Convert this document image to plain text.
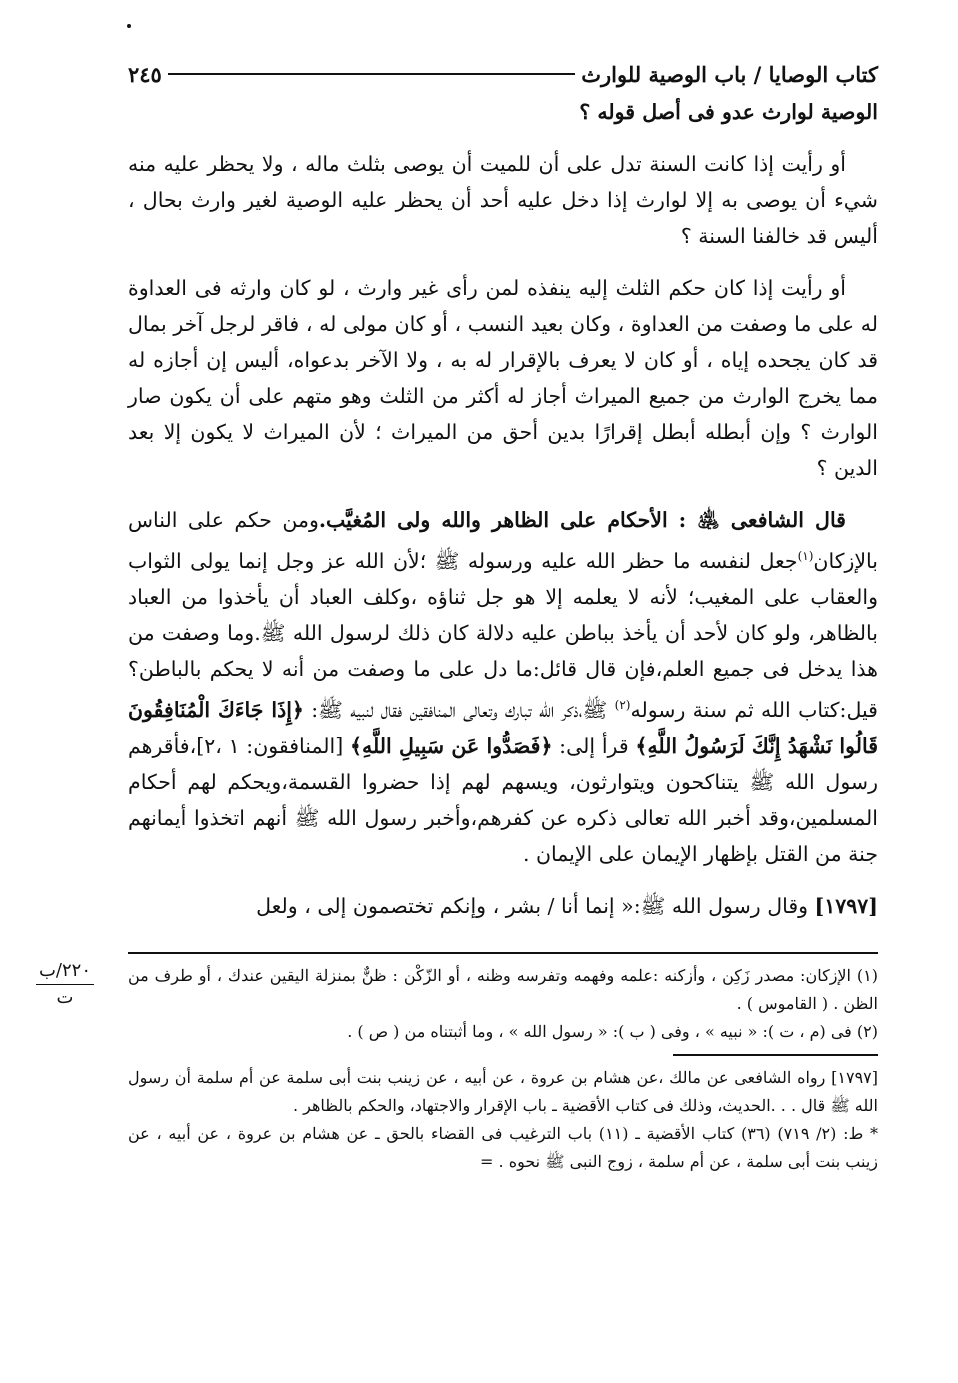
٢٢٠/ب
ت
كتاب الوصايا / باب الوصية للوارث
٢٤٥

الوصية لوارث عدو فى أصل قوله ؟

أو رأيت إذا كانت السنة تدل على أن للميت أن يوصى بثلث ماله ، ولا يحظر عليه منه شيء أن يوصى به إلا لوارث إذا دخل عليه أحد أن يحظر عليه الوصية لغير وارث بحال ، أليس قد خالفنا السنة ؟

أو رأيت إذا كان حكم الثلث إليه ينفذه لمن رأى غير وارث ، لو كان وارثه فى العداوة له على ما وصفت من العداوة ، وكان بعيد النسب ، أو كان مولى له ، فاقر لرجل آخر بمال قد كان يجحده إياه ، أو كان لا يعرف بالإقرار له به ، ولا الآخر بدعواه، أليس إن أجازه له مما يخرج الوارث من جميع الميراث أجاز له أكثر من الثلث وهو متهم على أن يكون صار الوارث ؟ وإن أبطله أبطل إقرارًا بدين أحق من الميراث ؛ لأن الميراث لا يكون إلا بعد الدين ؟

قال الشافعى ﵁ : الأحكام على الظاهر والله ولى المُغيَّب.ومن حكم على الناس بالإزكان$^{(١)}$جعل لنفسه ما حظر الله عليه ورسوله ﷺ ؛لأن الله عز وجل إنما يولى الثواب والعقاب على المغيب؛ لأنه لا يعلمه إلا هو جل ثناؤه ،وكلف العباد أن يأخذوا من العباد بالظاهر، ولو كان لأحد أن يأخذ بباطن عليه دلالة كان ذلك لرسول الله ﷺ.وما وصفت من هذا يدخل فى جميع العلم،فإن قال قائل:ما دل على ما وصفت من أنه لا يحكم بالباطن؟ قيل:كتاب الله ثم سنة رسوله$^{(٢)}$ ﷺ،ذكر الله تبارك وتعالى المنافقين فقال لنبيه ﷺ: ﴿إِذَا جَاءَكَ الْمُنَافِقُونَ قَالُوا نَشْهَدُ إِنَّكَ لَرَسُولُ اللَّهِ﴾ قرأ إلى: ﴿فَصَدُّوا عَن سَبِيلِ اللَّهِ﴾ [المنافقون: ١ ،٢]،فأقرهم رسول الله ﷺ يتناكحون ويتوارثون، ويسهم لهم إذا حضروا القسمة،ويحكم لهم أحكام المسلمين،وقد أخبر الله تعالى ذكره عن كفرهم،وأخبر رسول الله ﷺ أنهم اتخذوا أيمانهم جنة من القتل بإظهار الإيمان على الإيمان .

[١٧٩٧] وقال رسول الله ﷺ:« إنما أنا / بشر ، وإنكم تختصمون إلى ، ولعل

(١) الإزكان: مصدر زَكِن ، وأزكنه :علمه وفهمه وتفرسه وظنه ، أو الزّكْن : ظنٌّ بمنزلة اليقين عندك ، أو طرف من الظن . ( القاموس ) .

(٢) فى (م ، ت ): « نبيه » ، وفى ( ب ): « رسول الله » ، وما أثبتناه من ( ص ) .

[١٧٩٧] رواه الشافعى عن مالك ،عن هشام بن عروة ، عن أبيه ، عن زينب بنت أبى سلمة عن أم سلمة أن رسول الله ﷺ قال . . .الحديث، وذلك فى كتاب الأقضية ـ باب الإقرار والاجتهاد، والحكم بالظاهر .

* ط: (٢/ ٧١٩) (٣٦) كتاب الأقضية ـ (١١) باب الترغيب فى القضاء بالحق ـ عن هشام بن عروة ، عن أبيه ، عن زينب بنت أبى سلمة ، عن أم سلمة ، زوج النبى ﷺ نحوه . =
